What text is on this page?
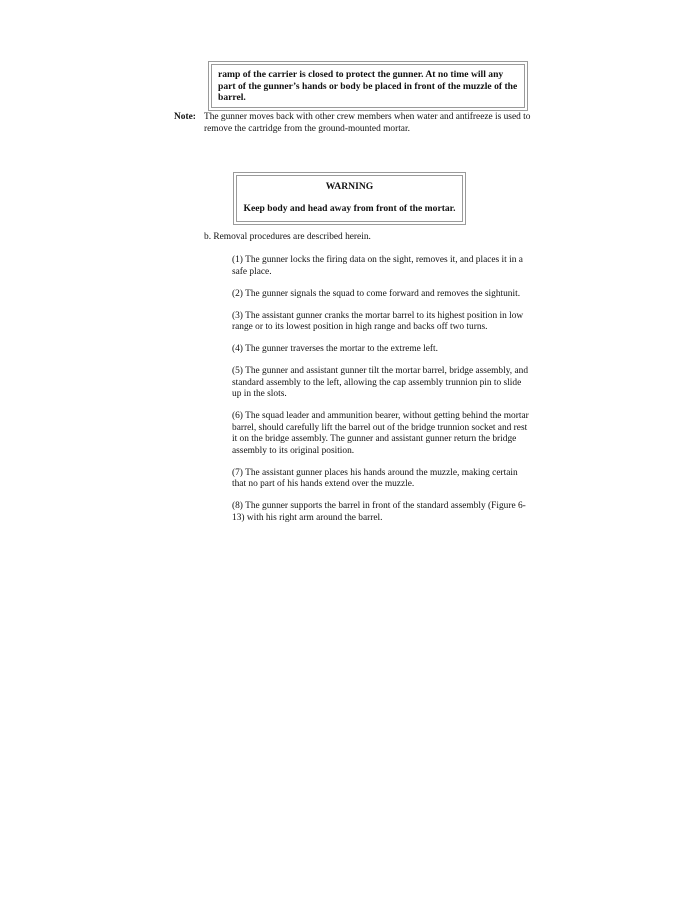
ramp of the carrier is closed to protect the gunner. At no time will any part of the gunner’s hands or body be placed in front of the muzzle of the barrel.
Note: The gunner moves back with other crew members when water and antifreeze is used to remove the cartridge from the ground-mounted mortar.
WARNING
Keep body and head away from front of the mortar.
b. Removal procedures are described herein.
(1) The gunner locks the firing data on the sight, removes it, and places it in a safe place.
(2) The gunner signals the squad to come forward and removes the sightunit.
(3) The assistant gunner cranks the mortar barrel to its highest position in low range or to its lowest position in high range and backs off two turns.
(4) The gunner traverses the mortar to the extreme left.
(5) The gunner and assistant gunner tilt the mortar barrel, bridge assembly, and standard assembly to the left, allowing the cap assembly trunnion pin to slide up in the slots.
(6) The squad leader and ammunition bearer, without getting behind the mortar barrel, should carefully lift the barrel out of the bridge trunnion socket and rest it on the bridge assembly. The gunner and assistant gunner return the bridge assembly to its original position.
(7) The assistant gunner places his hands around the muzzle, making certain that no part of his hands extend over the muzzle.
(8) The gunner supports the barrel in front of the standard assembly (Figure 6-13) with his right arm around the barrel.
